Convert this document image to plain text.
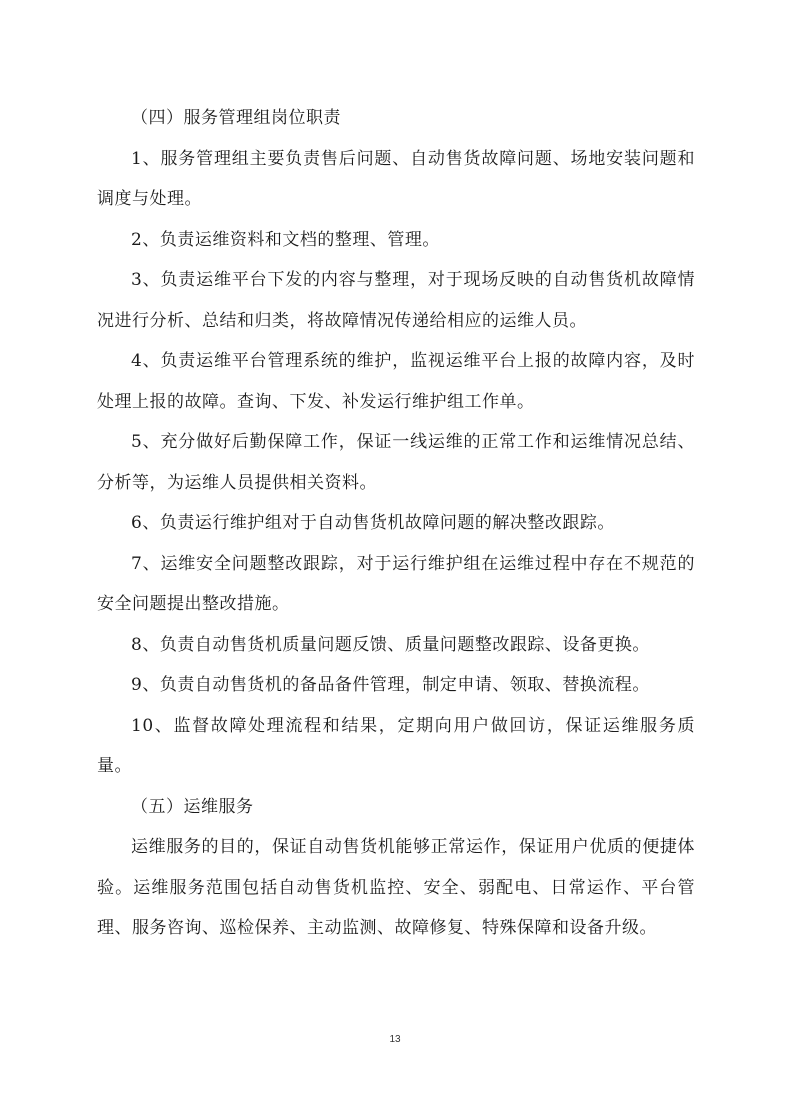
（四）服务管理组岗位职责

1、服务管理组主要负责售后问题、自动售货故障问题、场地安装问题和调度与处理。

2、负责运维资料和文档的整理、管理。

3、负责运维平台下发的内容与整理，对于现场反映的自动售货机故障情况进行分析、总结和归类，将故障情况传递给相应的运维人员。

4、负责运维平台管理系统的维护，监视运维平台上报的故障内容，及时处理上报的故障。查询、下发、补发运行维护组工作单。

5、充分做好后勤保障工作，保证一线运维的正常工作和运维情况总结、分析等，为运维人员提供相关资料。

6、负责运行维护组对于自动售货机故障问题的解决整改跟踪。

7、运维安全问题整改跟踪，对于运行维护组在运维过程中存在不规范的安全问题提出整改措施。

8、负责自动售货机质量问题反馈、质量问题整改跟踪、设备更换。

9、负责自动售货机的备品备件管理，制定申请、领取、替换流程。

10、监督故障处理流程和结果，定期向用户做回访，保证运维服务质量。

（五）运维服务

运维服务的目的，保证自动售货机能够正常运作，保证用户优质的便捷体验。运维服务范围包括自动售货机监控、安全、弱配电、日常运作、平台管理、服务咨询、巡检保养、主动监测、故障修复、特殊保障和设备升级。

13
